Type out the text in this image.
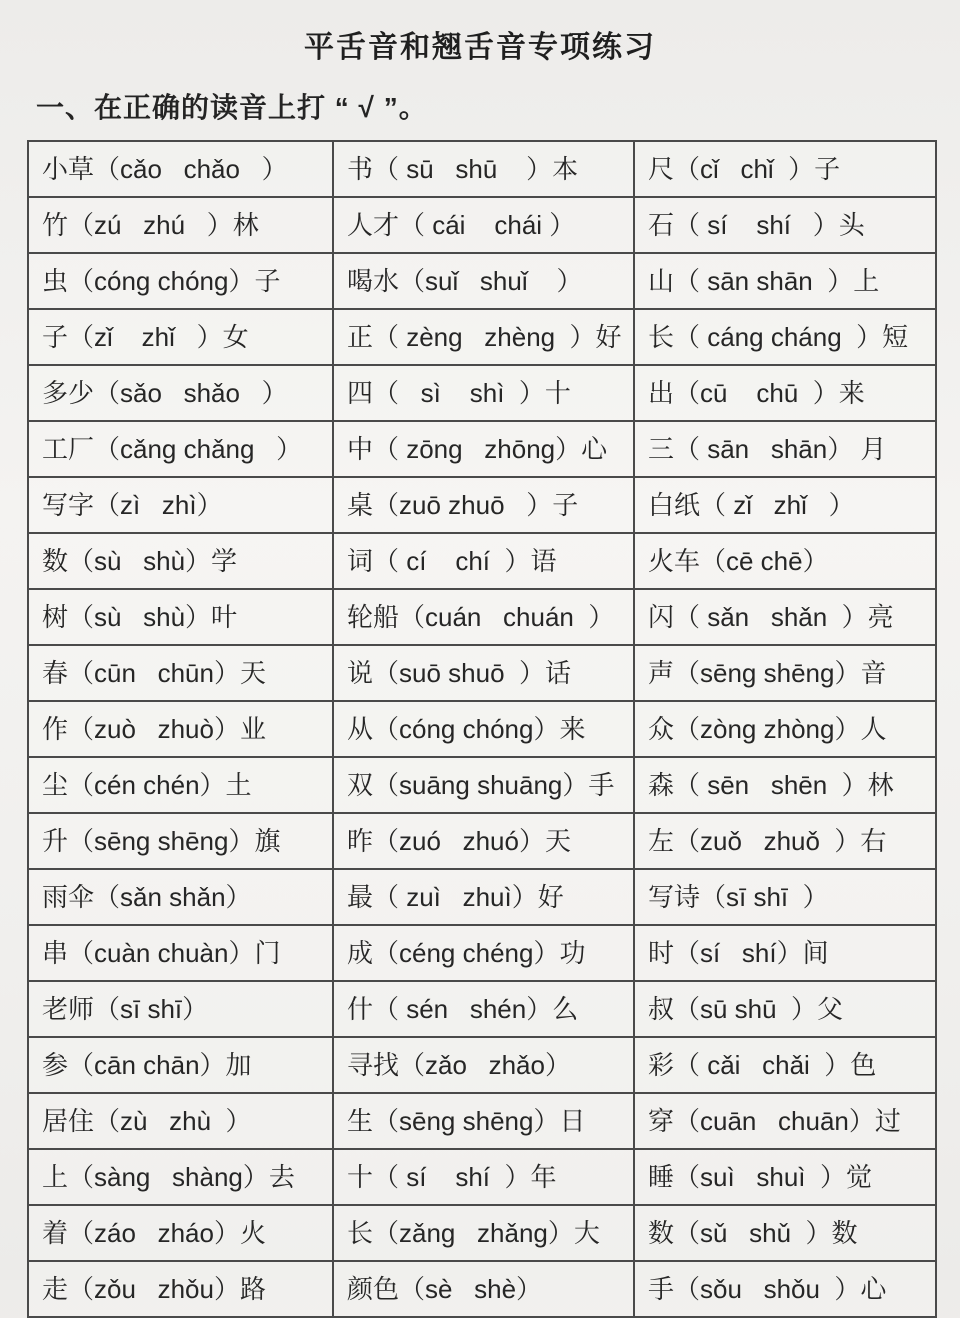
平舌音和翘舌音专项练习
一、在正确的读音上打 “ √ ”。
小草（cǎo   chǎo   ）	书（ sū   shū    ）本	尺（cǐ   chǐ  ）子
竹（zú   zhú   ）林	人才（ cái    chái ）	石（ sí    shí   ）头
虫（cóng chóng）子	喝水（suǐ   shuǐ    ）	山（ sān shān  ）上
子（zǐ    zhǐ   ）女	正（ zèng   zhèng  ）好	长（ cáng cháng  ）短
多少（sǎo   shǎo   ）	四（   sì    shì  ）十	出（cū    chū  ）来
工厂（cǎng chǎng   ）	中（ zōng   zhōng）心	三（ sān   shān） 月
写字（zì   zhì）	桌（zuō zhuō   ）子	白纸（ zǐ   zhǐ   ）
数（sù   shù）学	词（ cí    chí  ）语	火车（cē chē）
树（sù   shù）叶	轮船（cuán   chuán  ）	闪（ sǎn   shǎn  ）亮
春（cūn   chūn）天	说（suō shuō  ）话	声（sēng shēng）音
作（zuò   zhuò）业	从（cóng chóng）来	众（zòng zhòng）人
尘（cén chén）土	双（suāng shuāng）手	森（ sēn   shēn  ）林
升（sēng shēng）旗	昨（zuó   zhuó）天	左（zuǒ   zhuǒ  ）右
雨伞（sǎn shǎn）	最（ zuì   zhuì）好	写诗（sī shī  ）
串（cuàn chuàn）门	成（céng chéng）功	时（sí   shí）间
老师（sī shī）	什（ sén   shén）么	叔（sū shū  ）父
参（cān chān）加	寻找（zǎo   zhǎo）	彩（ cǎi   chǎi  ）色
居住（zù   zhù  ）	生（sēng shēng）日	穿（cuān   chuān）过
上（sàng   shàng）去	十（ sí    shí  ）年	睡（suì   shuì  ）觉
着（záo   zháo）火	长（zǎng   zhǎng）大	数（sǔ   shǔ  ）数
走（zǒu   zhǒu）路	颜色（sè   shè）	手（sǒu   shǒu  ）心
